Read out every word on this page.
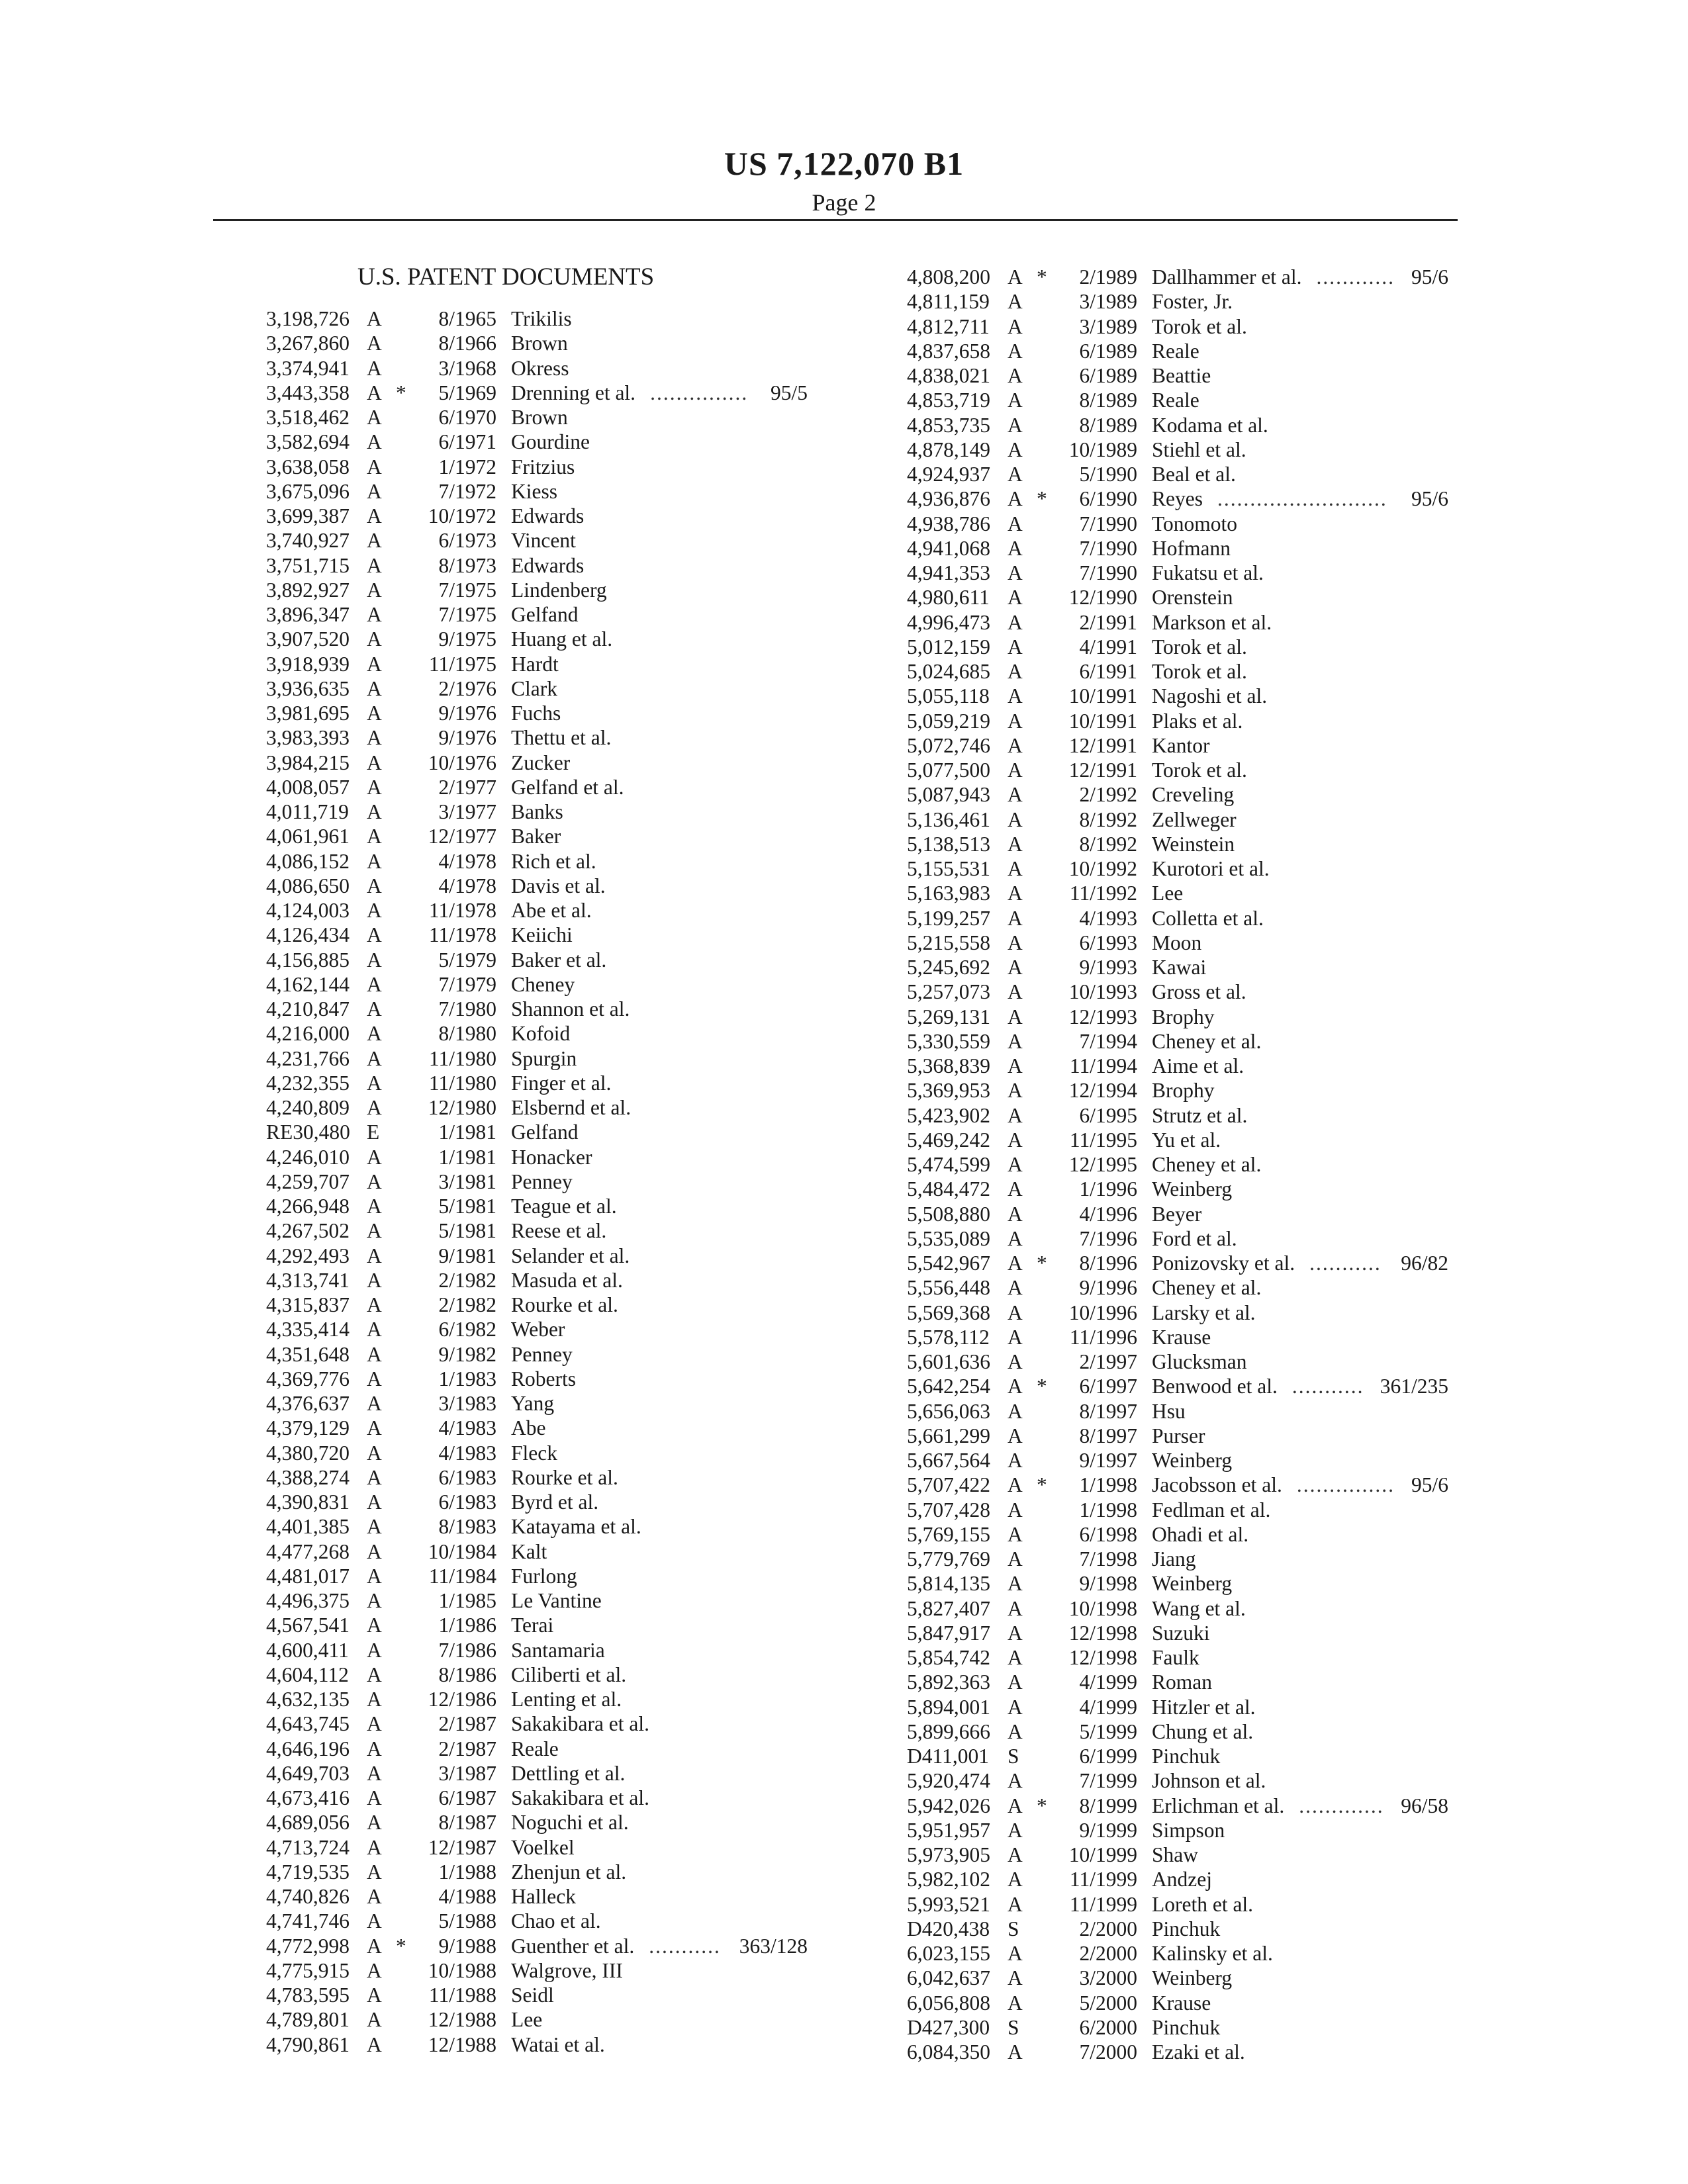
US 7,122,070 B1
Page 2
U.S. PATENT DOCUMENTS
3,198,726 A	8/1965 Trikilis
3,267,860 A	8/1966 Brown
3,374,941 A	3/1968 Okress
3,443,358 A *	5/1969 Drenning et al. ...............	95/5
3,518,462 A	6/1970 Brown
3,582,694 A	6/1971 Gourdine
3,638,058 A	1/1972 Fritzius
3,675,096 A	7/1972 Kiess
3,699,387 A	10/1972 Edwards
3,740,927 A	6/1973 Vincent
3,751,715 A	8/1973 Edwards
3,892,927 A	7/1975 Lindenberg
3,896,347 A	7/1975 Gelfand
3,907,520 A	9/1975 Huang et al.
3,918,939 A	11/1975 Hardt
3,936,635 A	2/1976 Clark
3,981,695 A	9/1976 Fuchs
3,983,393 A	9/1976 Thettu et al.
3,984,215 A	10/1976 Zucker
4,008,057 A	2/1977 Gelfand et al.
4,011,719 A	3/1977 Banks
4,061,961 A	12/1977 Baker
4,086,152 A	4/1978 Rich et al.
4,086,650 A	4/1978 Davis et al.
4,124,003 A	11/1978 Abe et al.
4,126,434 A	11/1978 Keiichi
4,156,885 A	5/1979 Baker et al.
4,162,144 A	7/1979 Cheney
4,210,847 A	7/1980 Shannon et al.
4,216,000 A	8/1980 Kofoid
4,231,766 A	11/1980 Spurgin
4,232,355 A	11/1980 Finger et al.
4,240,809 A	12/1980 Elsbernd et al.
RE30,480 E	1/1981 Gelfand
4,246,010 A	1/1981 Honacker
4,259,707 A	3/1981 Penney
4,266,948 A	5/1981 Teague et al.
4,267,502 A	5/1981 Reese et al.
4,292,493 A	9/1981 Selander et al.
4,313,741 A	2/1982 Masuda et al.
4,315,837 A	2/1982 Rourke et al.
4,335,414 A	6/1982 Weber
4,351,648 A	9/1982 Penney
4,369,776 A	1/1983 Roberts
4,376,637 A	3/1983 Yang
4,379,129 A	4/1983 Abe
4,380,720 A	4/1983 Fleck
4,388,274 A	6/1983 Rourke et al.
4,390,831 A	6/1983 Byrd et al.
4,401,385 A	8/1983 Katayama et al.
4,477,268 A	10/1984 Kalt
4,481,017 A	11/1984 Furlong
4,496,375 A	1/1985 Le Vantine
4,567,541 A	1/1986 Terai
4,600,411 A	7/1986 Santamaria
4,604,112 A	8/1986 Ciliberti et al.
4,632,135 A	12/1986 Lenting et al.
4,643,745 A	2/1987 Sakakibara et al.
4,646,196 A	2/1987 Reale
4,649,703 A	3/1987 Dettling et al.
4,673,416 A	6/1987 Sakakibara et al.
4,689,056 A	8/1987 Noguchi et al.
4,713,724 A	12/1987 Voelkel
4,719,535 A	1/1988 Zhenjun et al.
4,740,826 A	4/1988 Halleck
4,741,746 A	5/1988 Chao et al.
4,772,998 A *	9/1988 Guenther et al. ........... 363/128
4,775,915 A	10/1988 Walgrove, III
4,783,595 A	11/1988 Seidl
4,789,801 A	12/1988 Lee
4,790,861 A	12/1988 Watai et al.
4,808,200 A *	2/1989 Dallhammer et al. ............ 95/6
4,811,159 A	3/1989 Foster, Jr.
4,812,711 A	3/1989 Torok et al.
4,837,658 A	6/1989 Reale
4,838,021 A	6/1989 Beattie
4,853,719 A	8/1989 Reale
4,853,735 A	8/1989 Kodama et al.
4,878,149 A	10/1989 Stiehl et al.
4,924,937 A	5/1990 Beal et al.
4,936,876 A *	6/1990 Reyes ..........................	95/6
4,938,786 A	7/1990 Tonomoto
4,941,068 A	7/1990 Hofmann
4,941,353 A	7/1990 Fukatsu et al.
4,980,611 A	12/1990 Orenstein
4,996,473 A	2/1991 Markson et al.
5,012,159 A	4/1991 Torok et al.
5,024,685 A	6/1991 Torok et al.
5,055,118 A	10/1991 Nagoshi et al.
5,059,219 A	10/1991 Plaks et al.
5,072,746 A	12/1991 Kantor
5,077,500 A	12/1991 Torok et al.
5,087,943 A	2/1992 Creveling
5,136,461 A	8/1992 Zellweger
5,138,513 A	8/1992 Weinstein
5,155,531 A	10/1992 Kurotori et al.
5,163,983 A	11/1992 Lee
5,199,257 A	4/1993 Colletta et al.
5,215,558 A	6/1993 Moon
5,245,692 A	9/1993 Kawai
5,257,073 A	10/1993 Gross et al.
5,269,131 A	12/1993 Brophy
5,330,559 A	7/1994 Cheney et al.
5,368,839 A	11/1994 Aime et al.
5,369,953 A	12/1994 Brophy
5,423,902 A	6/1995 Strutz et al.
5,469,242 A	11/1995 Yu et al.
5,474,599 A	12/1995 Cheney et al.
5,484,472 A	1/1996 Weinberg
5,508,880 A	4/1996 Beyer
5,535,089 A	7/1996 Ford et al.
5,542,967 A *	8/1996 Ponizovsky et al. ........... 96/82
5,556,448 A	9/1996 Cheney et al.
5,569,368 A	10/1996 Larsky et al.
5,578,112 A	11/1996 Krause
5,601,636 A	2/1997 Glucksman
5,642,254 A *	6/1997 Benwood et al. ........... 361/235
5,656,063 A	8/1997 Hsu
5,661,299 A	8/1997 Purser
5,667,564 A	9/1997 Weinberg
5,707,422 A *	1/1998 Jacobsson et al. ............... 95/6
5,707,428 A	1/1998 Fedlman et al.
5,769,155 A	6/1998 Ohadi et al.
5,779,769 A	7/1998 Jiang
5,814,135 A	9/1998 Weinberg
5,827,407 A	10/1998 Wang et al.
5,847,917 A	12/1998 Suzuki
5,854,742 A	12/1998 Faulk
5,892,363 A	4/1999 Roman
5,894,001 A	4/1999 Hitzler et al.
5,899,666 A	5/1999 Chung et al.
D411,001 S	6/1999 Pinchuk
5,920,474 A	7/1999 Johnson et al.
5,942,026 A *	8/1999 Erlichman et al. ............. 96/58
5,951,957 A	9/1999 Simpson
5,973,905 A	10/1999 Shaw
5,982,102 A	11/1999 Andzej
5,993,521 A	11/1999 Loreth et al.
D420,438 S	2/2000 Pinchuk
6,023,155 A	2/2000 Kalinsky et al.
6,042,637 A	3/2000 Weinberg
6,056,808 A	5/2000 Krause
D427,300 S	6/2000 Pinchuk
6,084,350 A	7/2000 Ezaki et al.
